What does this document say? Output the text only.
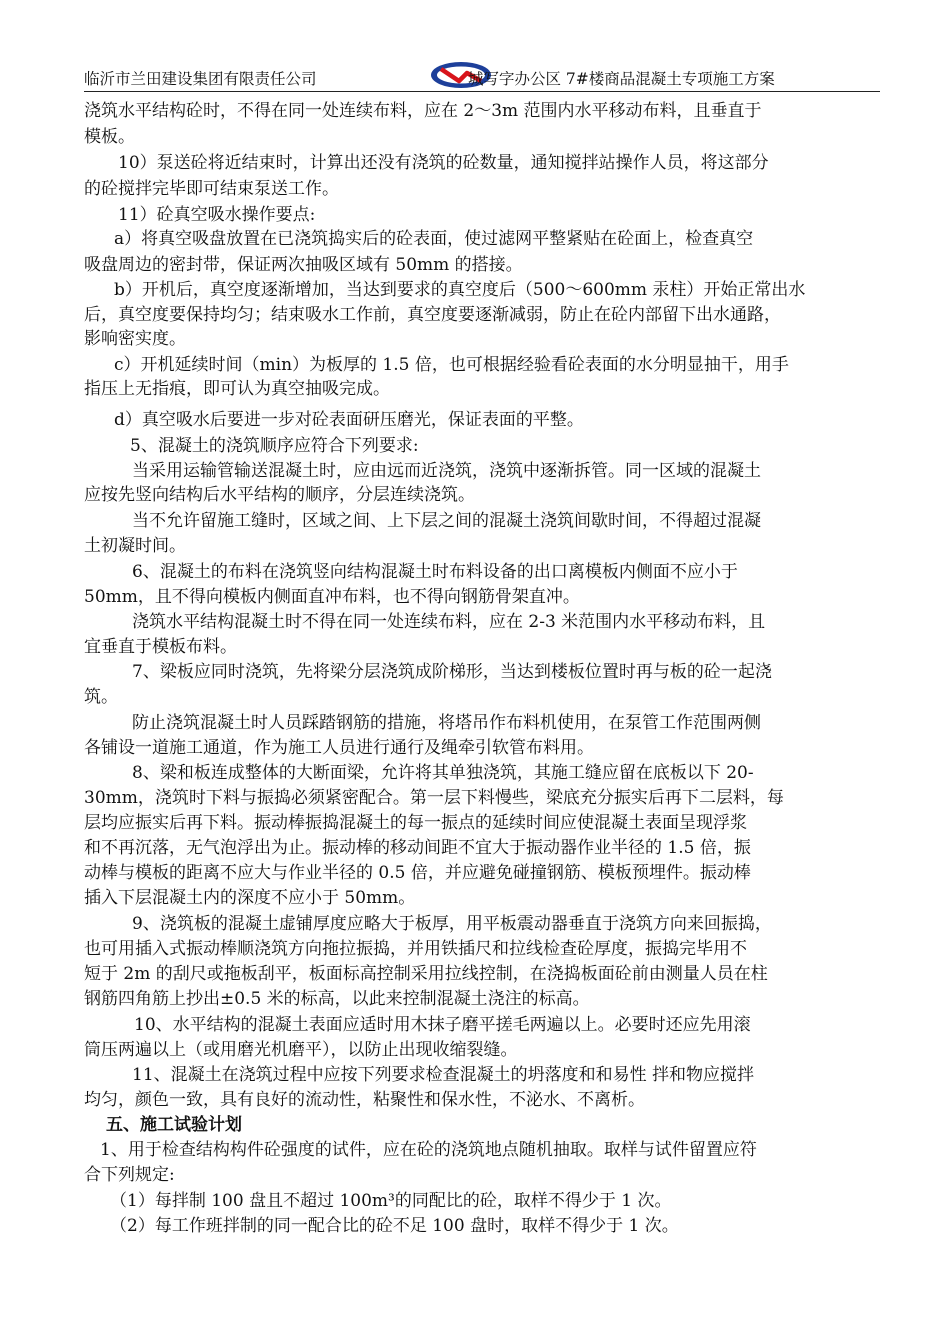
临沂市兰田建设集团有限责任公司	城写字办公区 7#楼商品混凝土专项施工方案
浇筑水平结构砼时，不得在同一处连续布料，应在 2～3m 范围内水平移动布料，且垂直于
模板。
10）泵送砼将近结束时，计算出还没有浇筑的砼数量，通知搅拌站操作人员，将这部分
的砼搅拌完毕即可结束泵送工作。
11）砼真空吸水操作要点:
a）将真空吸盘放置在已浇筑捣实后的砼表面，使过滤网平整紧贴在砼面上，检查真空
吸盘周边的密封带，保证两次抽吸区域有 50mm 的搭接。
b）开机后，真空度逐渐增加，当达到要求的真空度后（500～600mm 汞柱）开始正常出水
后，真空度要保持均匀；结束吸水工作前，真空度要逐渐减弱，防止在砼内部留下出水通路，
影响密实度。
c）开机延续时间（min）为板厚的 1.5 倍，也可根据经验看砼表面的水分明显抽干，用手
指压上无指痕，即可认为真空抽吸完成。
d）真空吸水后要进一步对砼表面研压磨光，保证表面的平整。
5、混凝土的浇筑顺序应符合下列要求:
当采用运输管输送混凝土时，应由远而近浇筑，浇筑中逐渐拆管。同一区域的混凝土
应按先竖向结构后水平结构的顺序，分层连续浇筑。
当不允许留施工缝时，区域之间、上下层之间的混凝土浇筑间歇时间，不得超过混凝
土初凝时间。
6、混凝土的布料在浇筑竖向结构混凝土时布料设备的出口离模板内侧面不应小于
50mm，且不得向模板内侧面直冲布料，也不得向钢筋骨架直冲。
浇筑水平结构混凝土时不得在同一处连续布料，应在 2-3 米范围内水平移动布料，且
宜垂直于模板布料。
7、梁板应同时浇筑，先将梁分层浇筑成阶梯形，当达到楼板位置时再与板的砼一起浇
筑。
防止浇筑混凝土时人员踩踏钢筋的措施，将塔吊作布料机使用，在泵管工作范围两侧
各铺设一道施工通道，作为施工人员进行通行及绳牵引软管布料用。
8、梁和板连成整体的大断面梁，允许将其单独浇筑，其施工缝应留在底板以下 20-
30mm，浇筑时下料与振捣必须紧密配合。第一层下料慢些，梁底充分振实后再下二层料，每
层均应振实后再下料。振动棒振捣混凝土的每一振点的延续时间应使混凝土表面呈现浮浆
和不再沉落，无气泡浮出为止。振动棒的移动间距不宜大于振动器作业半径的 1.5 倍，振
动棒与模板的距离不应大与作业半径的 0.5 倍，并应避免碰撞钢筋、模板预埋件。振动棒
插入下层混凝土内的深度不应小于 50mm。
9、浇筑板的混凝土虚铺厚度应略大于板厚，用平板震动器垂直于浇筑方向来回振捣，
也可用插入式振动棒顺浇筑方向拖拉振捣，并用铁插尺和拉线检查砼厚度，振捣完毕用不
短于 2m 的刮尺或拖板刮平，板面标高控制采用拉线控制，在浇捣板面砼前由测量人员在柱
钢筋四角筋上抄出±0.5 米的标高，以此来控制混凝土浇注的标高。
10、水平结构的混凝土表面应适时用木抹子磨平搓毛两遍以上。必要时还应先用滚
筒压两遍以上（或用磨光机磨平），以防止出现收缩裂缝。
11、混凝土在浇筑过程中应按下列要求检查混凝土的坍落度和和易性 拌和物应搅拌
均匀，颜色一致，具有良好的流动性，粘聚性和保水性，不泌水、不离析。
五、施工试验计划
1、用于检查结构构件砼强度的试件，应在砼的浇筑地点随机抽取。取样与试件留置应符
合下列规定:
（1）每拌制 100 盘且不超过 100m³的同配比的砼，取样不得少于 1 次。
（2）每工作班拌制的同一配合比的砼不足 100 盘时，取样不得少于 1 次。
